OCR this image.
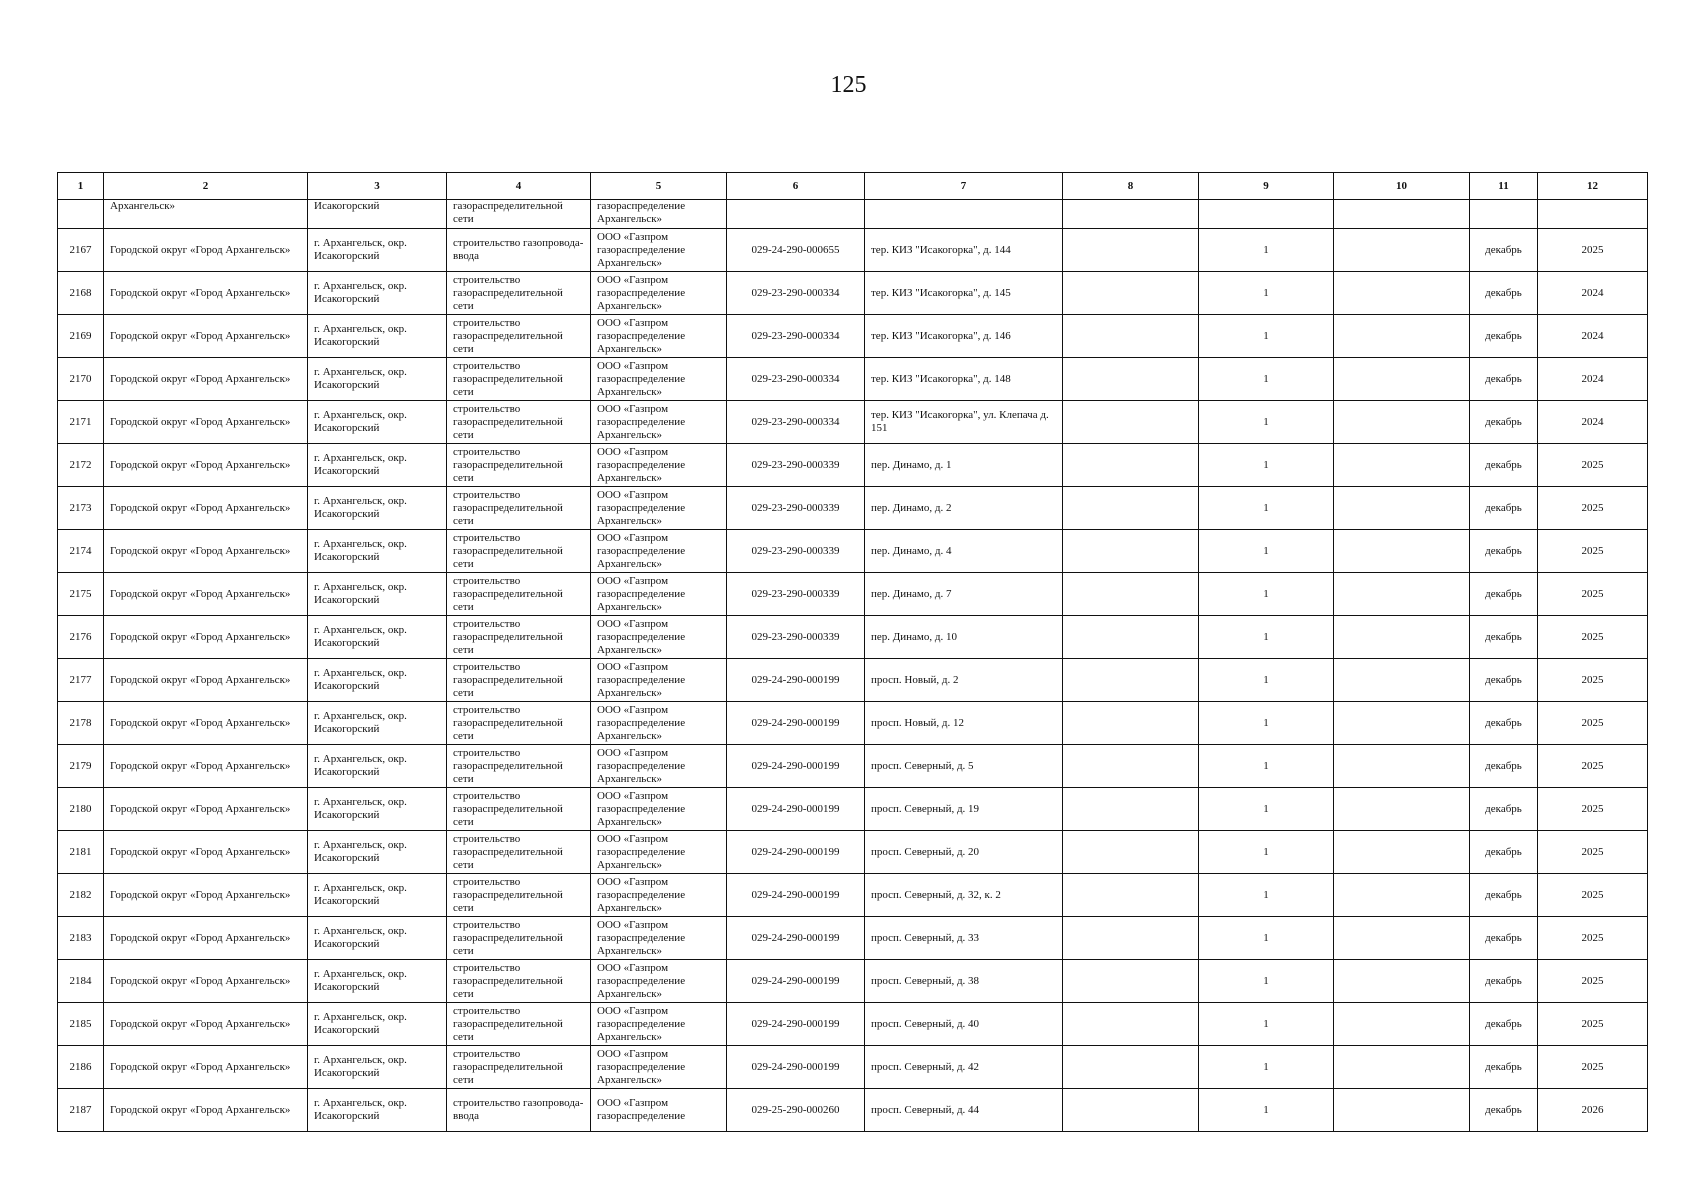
125
1	2	3	4	5	6	7	8	9	10	11	12
	Архангельск»	Исакогорский	газораспределительной сети	газораспределение Архангельск»							
2167	Городской округ «Город Архангельск»	г. Архангельск, окр. Исакогорский	строительство газопровода-ввода	ООО «Газпром газораспределение Архангельск»	029-24-290-000655	тер. КИЗ "Исакогорка", д. 144		1		декабрь	2025
2168	Городской округ «Город Архангельск»	г. Архангельск, окр. Исакогорский	строительство газораспределительной сети	ООО «Газпром газораспределение Архангельск»	029-23-290-000334	тер. КИЗ "Исакогорка", д. 145		1		декабрь	2024
2169	Городской округ «Город Архангельск»	г. Архангельск, окр. Исакогорский	строительство газораспределительной сети	ООО «Газпром газораспределение Архангельск»	029-23-290-000334	тер. КИЗ "Исакогорка", д. 146		1		декабрь	2024
2170	Городской округ «Город Архангельск»	г. Архангельск, окр. Исакогорский	строительство газораспределительной сети	ООО «Газпром газораспределение Архангельск»	029-23-290-000334	тер. КИЗ "Исакогорка", д. 148		1		декабрь	2024
2171	Городской округ «Город Архангельск»	г. Архангельск, окр. Исакогорский	строительство газораспределительной сети	ООО «Газпром газораспределение Архангельск»	029-23-290-000334	тер. КИЗ "Исакогорка", ул. Клепача д. 151		1		декабрь	2024
2172	Городской округ «Город Архангельск»	г. Архангельск, окр. Исакогорский	строительство газораспределительной сети	ООО «Газпром газораспределение Архангельск»	029-23-290-000339	пер. Динамо, д. 1		1		декабрь	2025
2173	Городской округ «Город Архангельск»	г. Архангельск, окр. Исакогорский	строительство газораспределительной сети	ООО «Газпром газораспределение Архангельск»	029-23-290-000339	пер. Динамо, д. 2		1		декабрь	2025
2174	Городской округ «Город Архангельск»	г. Архангельск, окр. Исакогорский	строительство газораспределительной сети	ООО «Газпром газораспределение Архангельск»	029-23-290-000339	пер. Динамо, д. 4		1		декабрь	2025
2175	Городской округ «Город Архангельск»	г. Архангельск, окр. Исакогорский	строительство газораспределительной сети	ООО «Газпром газораспределение Архангельск»	029-23-290-000339	пер. Динамо, д. 7		1		декабрь	2025
2176	Городской округ «Город Архангельск»	г. Архангельск, окр. Исакогорский	строительство газораспределительной сети	ООО «Газпром газораспределение Архангельск»	029-23-290-000339	пер. Динамо, д. 10		1		декабрь	2025
2177	Городской округ «Город Архангельск»	г. Архангельск, окр. Исакогорский	строительство газораспределительной сети	ООО «Газпром газораспределение Архангельск»	029-24-290-000199	просп. Новый, д. 2		1		декабрь	2025
2178	Городской округ «Город Архангельск»	г. Архангельск, окр. Исакогорский	строительство газораспределительной сети	ООО «Газпром газораспределение Архангельск»	029-24-290-000199	просп. Новый, д. 12		1		декабрь	2025
2179	Городской округ «Город Архангельск»	г. Архангельск, окр. Исакогорский	строительство газораспределительной сети	ООО «Газпром газораспределение Архангельск»	029-24-290-000199	просп. Северный, д. 5		1		декабрь	2025
2180	Городской округ «Город Архангельск»	г. Архангельск, окр. Исакогорский	строительство газораспределительной сети	ООО «Газпром газораспределение Архангельск»	029-24-290-000199	просп. Северный, д. 19		1		декабрь	2025
2181	Городской округ «Город Архангельск»	г. Архангельск, окр. Исакогорский	строительство газораспределительной сети	ООО «Газпром газораспределение Архангельск»	029-24-290-000199	просп. Северный, д. 20		1		декабрь	2025
2182	Городской округ «Город Архангельск»	г. Архангельск, окр. Исакогорский	строительство газораспределительной сети	ООО «Газпром газораспределение Архангельск»	029-24-290-000199	просп. Северный, д. 32, к. 2		1		декабрь	2025
2183	Городской округ «Город Архангельск»	г. Архангельск, окр. Исакогорский	строительство газораспределительной сети	ООО «Газпром газораспределение Архангельск»	029-24-290-000199	просп. Северный, д. 33		1		декабрь	2025
2184	Городской округ «Город Архангельск»	г. Архангельск, окр. Исакогорский	строительство газораспределительной сети	ООО «Газпром газораспределение Архангельск»	029-24-290-000199	просп. Северный, д. 38		1		декабрь	2025
2185	Городской округ «Город Архангельск»	г. Архангельск, окр. Исакогорский	строительство газораспределительной сети	ООО «Газпром газораспределение Архангельск»	029-24-290-000199	просп. Северный, д. 40		1		декабрь	2025
2186	Городской округ «Город Архангельск»	г. Архангельск, окр. Исакогорский	строительство газораспределительной сети	ООО «Газпром газораспределение Архангельск»	029-24-290-000199	просп. Северный, д. 42		1		декабрь	2025
2187	Городской округ «Город Архангельск»	г. Архангельск, окр. Исакогорский	строительство газопровода-ввода	ООО «Газпром газораспределение	029-25-290-000260	просп. Северный, д. 44		1		декабрь	2026
